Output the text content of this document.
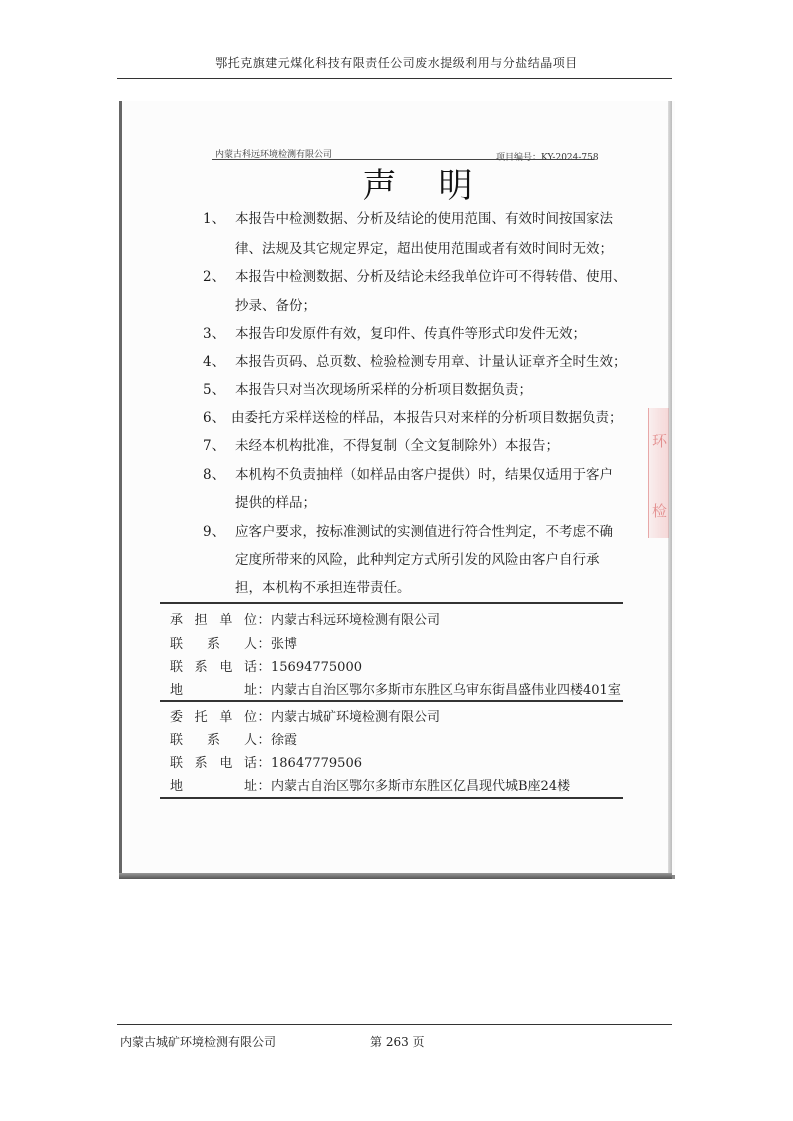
鄂托克旗建元煤化科技有限责任公司废水提级利用与分盐结晶项目
内蒙古科远环境检测有限公司	项目编号：KY-2024-758
声明
1、 本报告中检测数据、分析及结论的使用范围、有效时间按国家法
律、法规及其它规定界定，超出使用范围或者有效时间时无效；
2、 本报告中检测数据、分析及结论未经我单位许可不得转借、使用、
抄录、备份；
3、 本报告印发原件有效，复印件、传真件等形式印发件无效；
4、 本报告页码、总页数、检验检测专用章、计量认证章齐全时生效；
5、 本报告只对当次现场所采样的分析项目数据负责；
6、 由委托方采样送检的样品，本报告只对来样的分析项目数据负责；
7、 未经本机构批准，不得复制（全文复制除外）本报告；
8、 本机构不负责抽样（如样品由客户提供）时，结果仅适用于客户
提供的样品；
9、 应客户要求，按标准测试的实测值进行符合性判定，不考虑不确
定度所带来的风险，此种判定方式所引发的风险由客户自行承
担，本机构不承担连带责任。
环
检
承担单位：内蒙古科远环境检测有限公司
联系人：张博
联系电话：15694775000
地址：内蒙古自治区鄂尔多斯市东胜区乌审东街昌盛伟业四楼401室
委托单位：内蒙古城矿环境检测有限公司
联系人：徐霞
联系电话：18647779506
地址：内蒙古自治区鄂尔多斯市东胜区亿昌现代城B座24楼
内蒙古城矿环境检测有限公司	第 263 页
